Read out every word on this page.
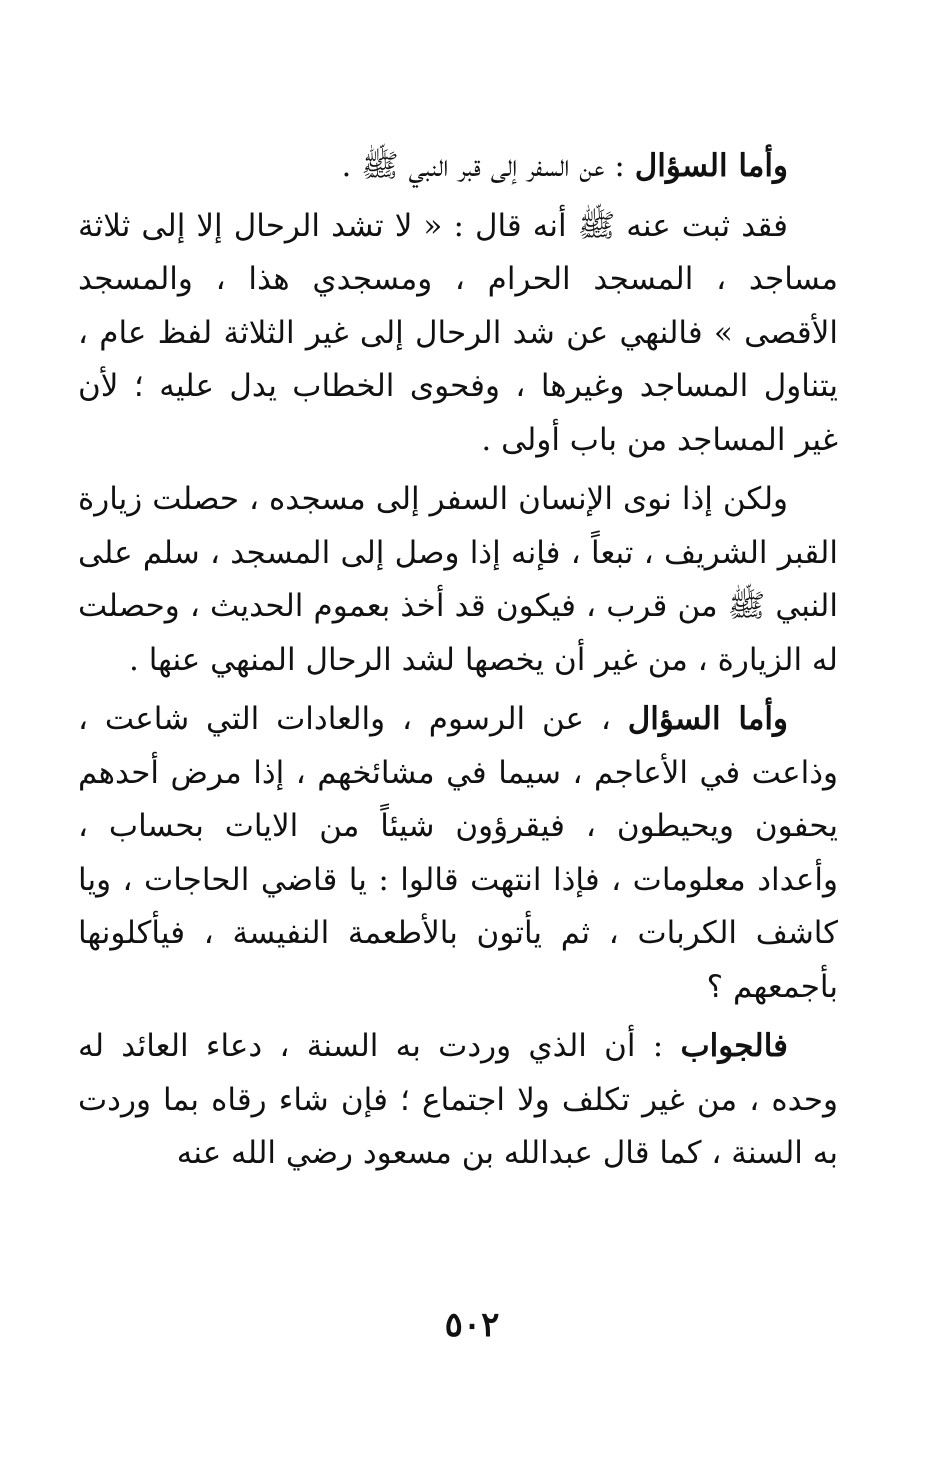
وأما السؤال : عن السفر إلى قبر النبي ﷺ .

فقد ثبت عنه ﷺ أنه قال : « لا تشد الرحال إلا إلى ثلاثة مساجد ، المسجد الحرام ، ومسجدي هذا ، والمسجد الأقصى » فالنهي عن شد الرحال إلى غير الثلاثة لفظ عام ، يتناول المساجد وغيرها ، وفحوى الخطاب يدل عليه ؛ لأن غير المساجد من باب أولى .

ولكن إذا نوى الإنسان السفر إلى مسجده ، حصلت زيارة القبر الشريف ، تبعاً ، فإنه إذا وصل إلى المسجد ، سلم على النبي ﷺ من قرب ، فيكون قد أخذ بعموم الحديث ، وحصلت له الزيارة ، من غير أن يخصها لشد الرحال المنهي عنها .

وأما السؤال ، عن الرسوم ، والعادات التي شاعت ، وذاعت في الأعاجم ، سيما في مشائخهم ، إذا مرض أحدهم يحفون ويحيطون ، فيقرؤون شيئاً من الايات بحساب ، وأعداد معلومات ، فإذا انتهت قالوا : يا قاضي الحاجات ، ويا كاشف الكربات ، ثم يأتون بالأطعمة النفيسة ، فيأكلونها بأجمعهم ؟

فالجواب : أن الذي وردت به السنة ، دعاء العائد له وحده ، من غير تكلف ولا اجتماع ؛ فإن شاء رقاه بما وردت به السنة ، كما قال عبدالله بن مسعود رضي الله عنه

٥٠٢
